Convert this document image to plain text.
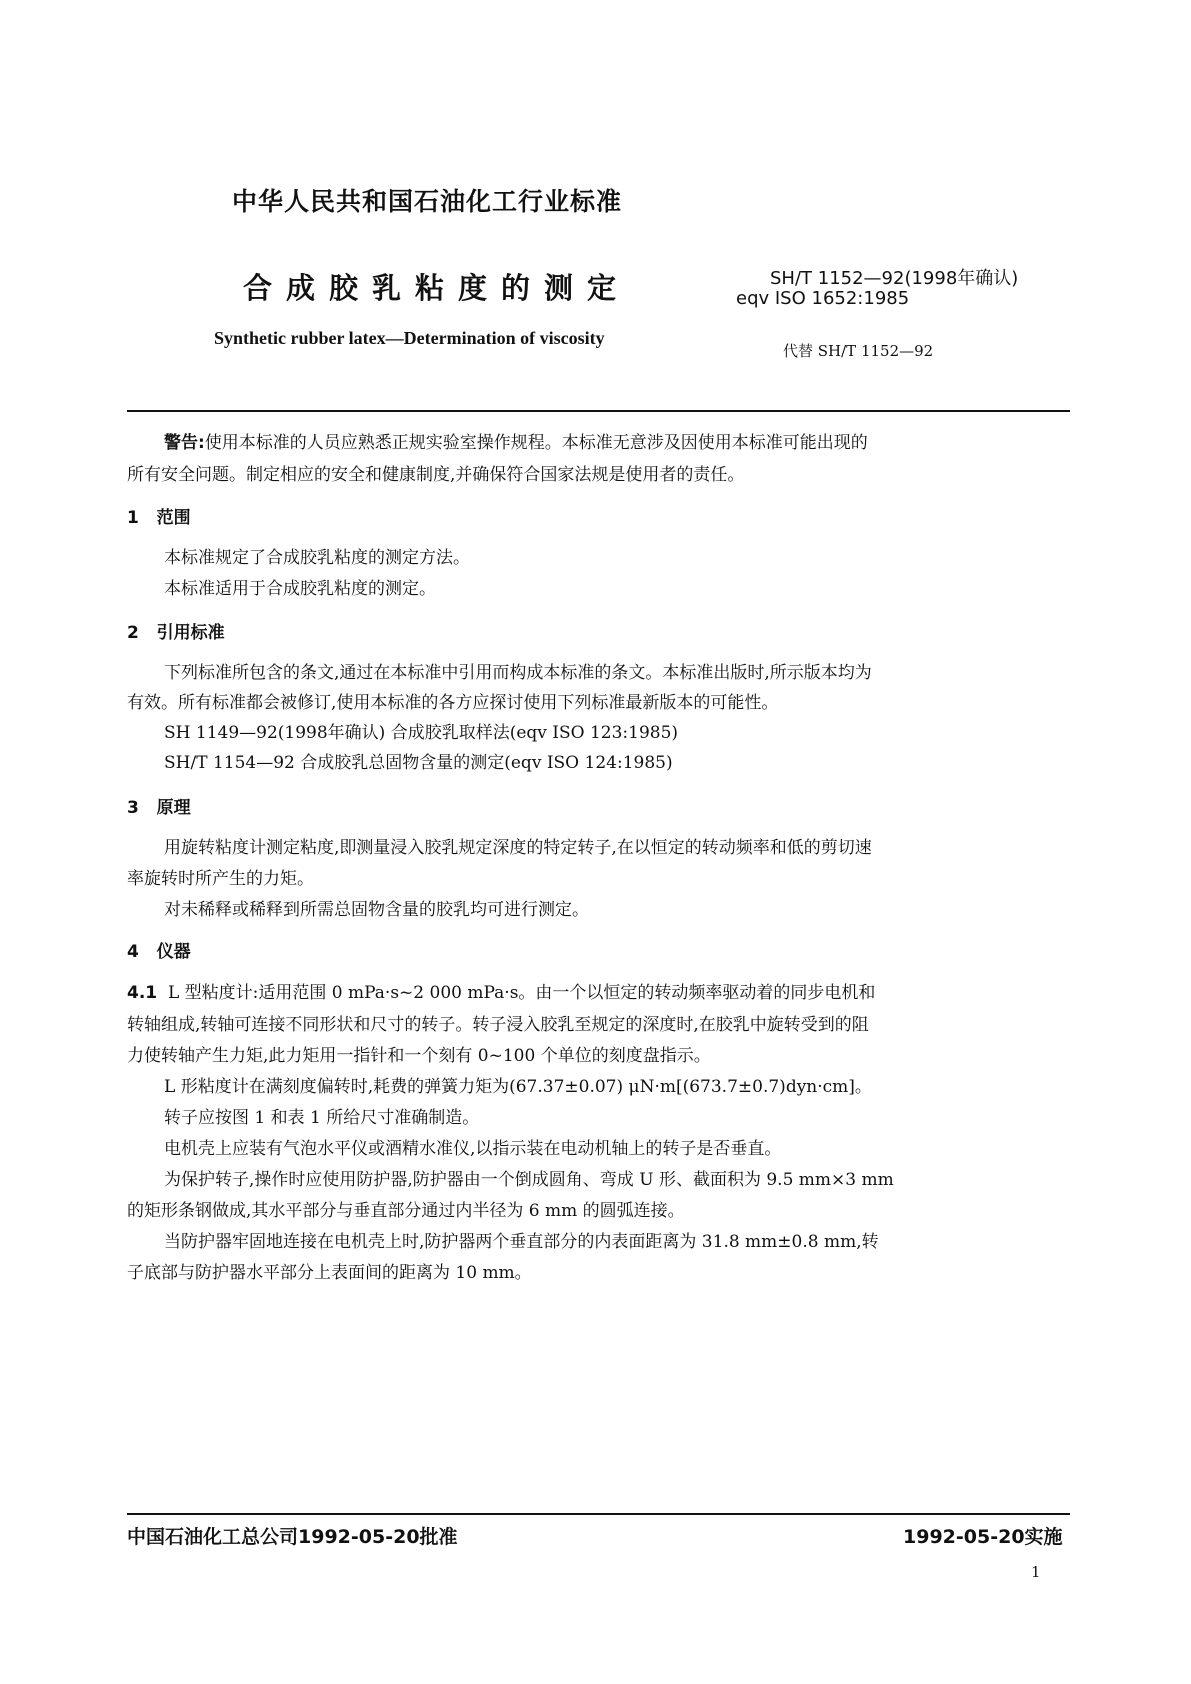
中华人民共和国石油化工行业标准
合成胶乳粘度的测定	SH/T 1152—92(1998年确认)
eqv ISO 1652:1985
Synthetic rubber latex—Determination of viscosity
代替 SH/T 1152—92
警告:使用本标准的人员应熟悉正规实验室操作规程。本标准无意涉及因使用本标准可能出现的
所有安全问题。制定相应的安全和健康制度,并确保符合国家法规是使用者的责任。
1 范围
本标准规定了合成胶乳粘度的测定方法。
本标准适用于合成胶乳粘度的测定。
2 引用标准
下列标准所包含的条文,通过在本标准中引用而构成本标准的条文。本标准出版时,所示版本均为
有效。所有标准都会被修订,使用本标准的各方应探讨使用下列标准最新版本的可能性。
SH 1149—92(1998年确认) 合成胶乳取样法(eqv ISO 123:1985)
SH/T 1154—92 合成胶乳总固物含量的测定(eqv ISO 124:1985)
3 原理
用旋转粘度计测定粘度,即测量浸入胶乳规定深度的特定转子,在以恒定的转动频率和低的剪切速
率旋转时所产生的力矩。
对未稀释或稀释到所需总固物含量的胶乳均可进行测定。
4 仪器
4.1 L 型粘度计:适用范围 0 mPa·s~2 000 mPa·s。由一个以恒定的转动频率驱动着的同步电机和
转轴组成,转轴可连接不同形状和尺寸的转子。转子浸入胶乳至规定的深度时,在胶乳中旋转受到的阻
力使转轴产生力矩,此力矩用一指针和一个刻有 0~100 个单位的刻度盘指示。
L 形粘度计在满刻度偏转时,耗费的弹簧力矩为(67.37±0.07) μN·m[(673.7±0.7)dyn·cm]。
转子应按图 1 和表 1 所给尺寸准确制造。
电机壳上应装有气泡水平仪或酒精水准仪,以指示装在电动机轴上的转子是否垂直。
为保护转子,操作时应使用防护器,防护器由一个倒成圆角、弯成 U 形、截面积为 9.5 mm×3 mm
的矩形条钢做成,其水平部分与垂直部分通过内半径为 6 mm 的圆弧连接。
当防护器牢固地连接在电机壳上时,防护器两个垂直部分的内表面距离为 31.8 mm±0.8 mm,转
子底部与防护器水平部分上表面间的距离为 10 mm。
中国石油化工总公司1992-05-20批准	1992-05-20实施
1
